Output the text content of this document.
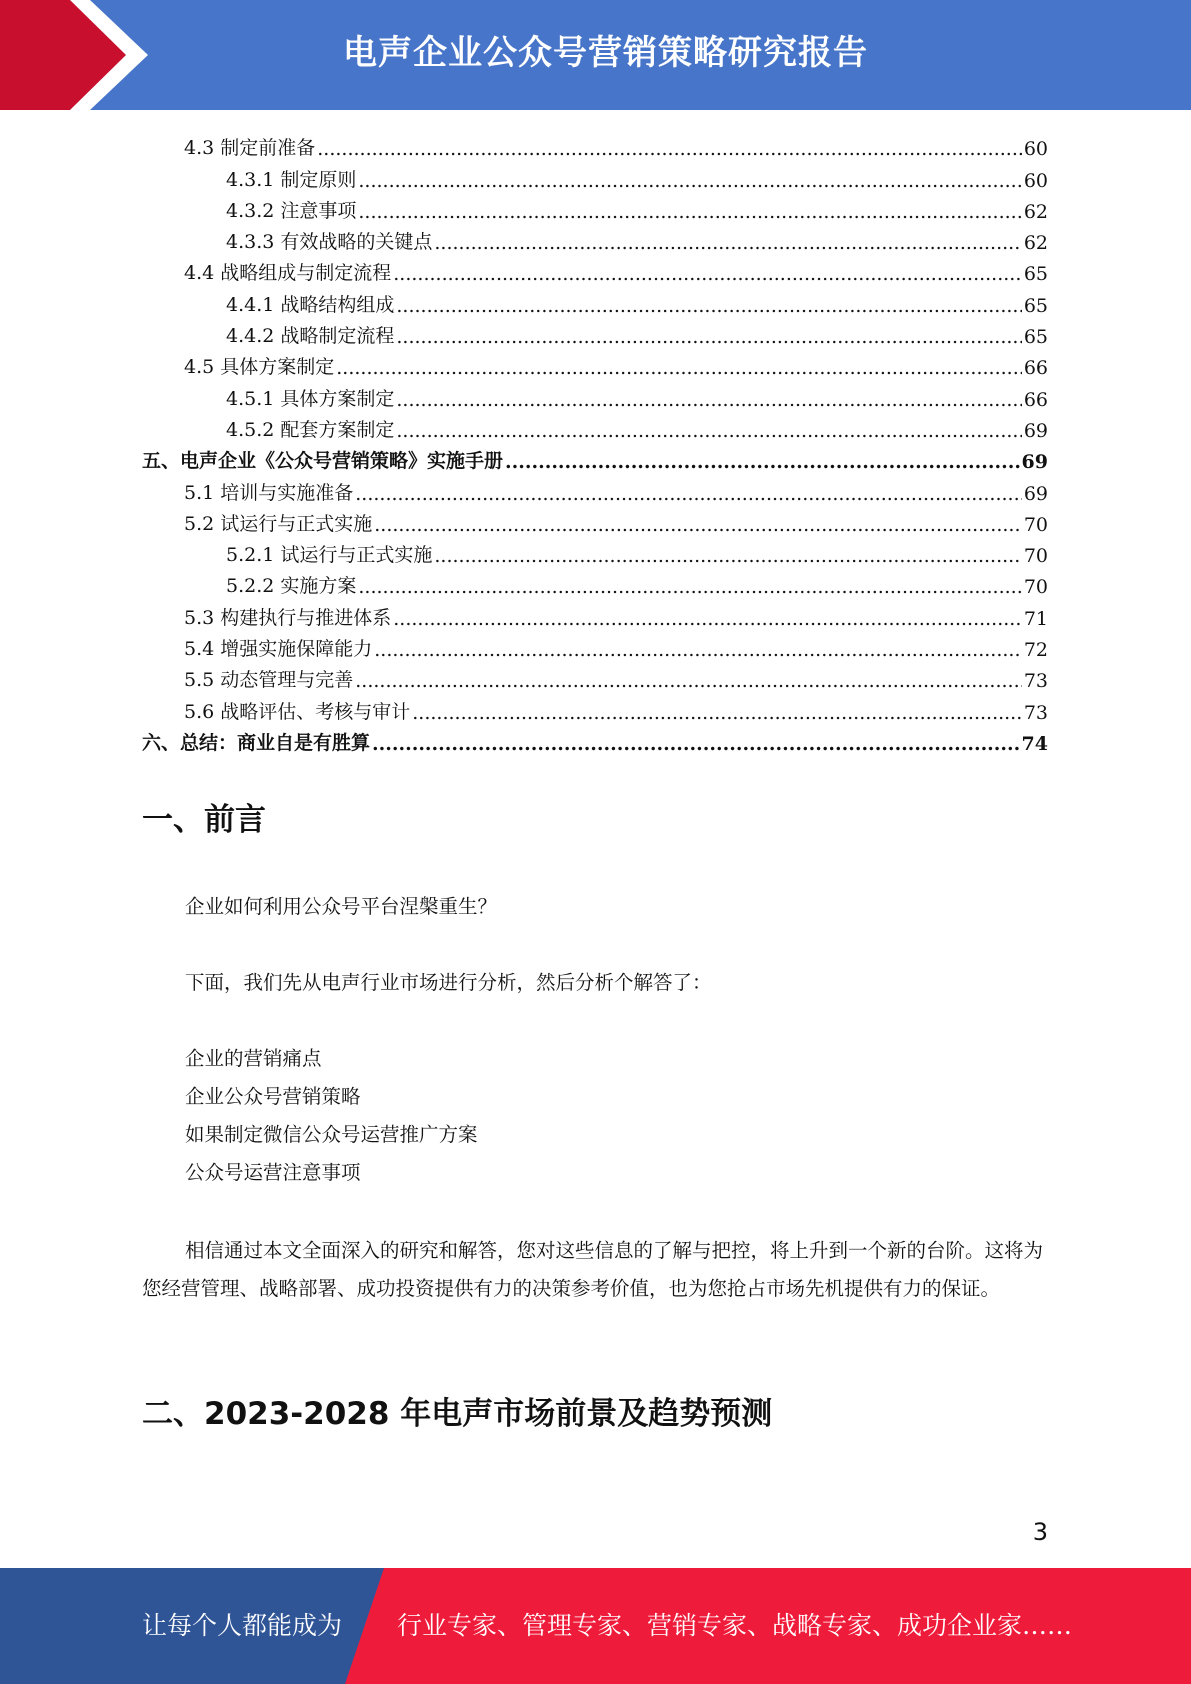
电声企业公众号营销策略研究报告
4.3 制定前准备 .....	60
4.3.1 制定原则 .....	60
4.3.2 注意事项 .....	62
4.3.3 有效战略的关键点 .....	62
4.4 战略组成与制定流程 .....	65
4.4.1 战略结构组成 .....	65
4.4.2 战略制定流程 .....	65
4.5 具体方案制定 .....	66
4.5.1 具体方案制定 .....	66
4.5.2 配套方案制定 .....	69
五、电声企业《公众号营销策略》实施手册 .....	69
5.1 培训与实施准备 .....	69
5.2 试运行与正式实施 .....	70
5.2.1 试运行与正式实施 .....	70
5.2.2 实施方案 .....	70
5.3 构建执行与推进体系 .....	71
5.4 增强实施保障能力 .....	72
5.5 动态管理与完善 .....	73
5.6 战略评估、考核与审计 .....	73
六、总结：商业自是有胜算 .....	74
一、前言

企业如何利用公众号平台涅槃重生？

下面，我们先从电声行业市场进行分析，然后分析个解答了：

企业的营销痛点

企业公众号营销策略

如果制定微信公众号运营推广方案

公众号运营注意事项

相信通过本文全面深入的研究和解答，您对这些信息的了解与把控，将上升到一个新的台阶。这将为您经营管理、战略部署、成功投资提供有力的决策参考价值，也为您抢占市场先机提供有力的保证。

二、2023-2028 年电声市场前景及趋势预测
3
让每个人都能成为 行业专家、管理专家、营销专家、战略专家、成功企业家……
